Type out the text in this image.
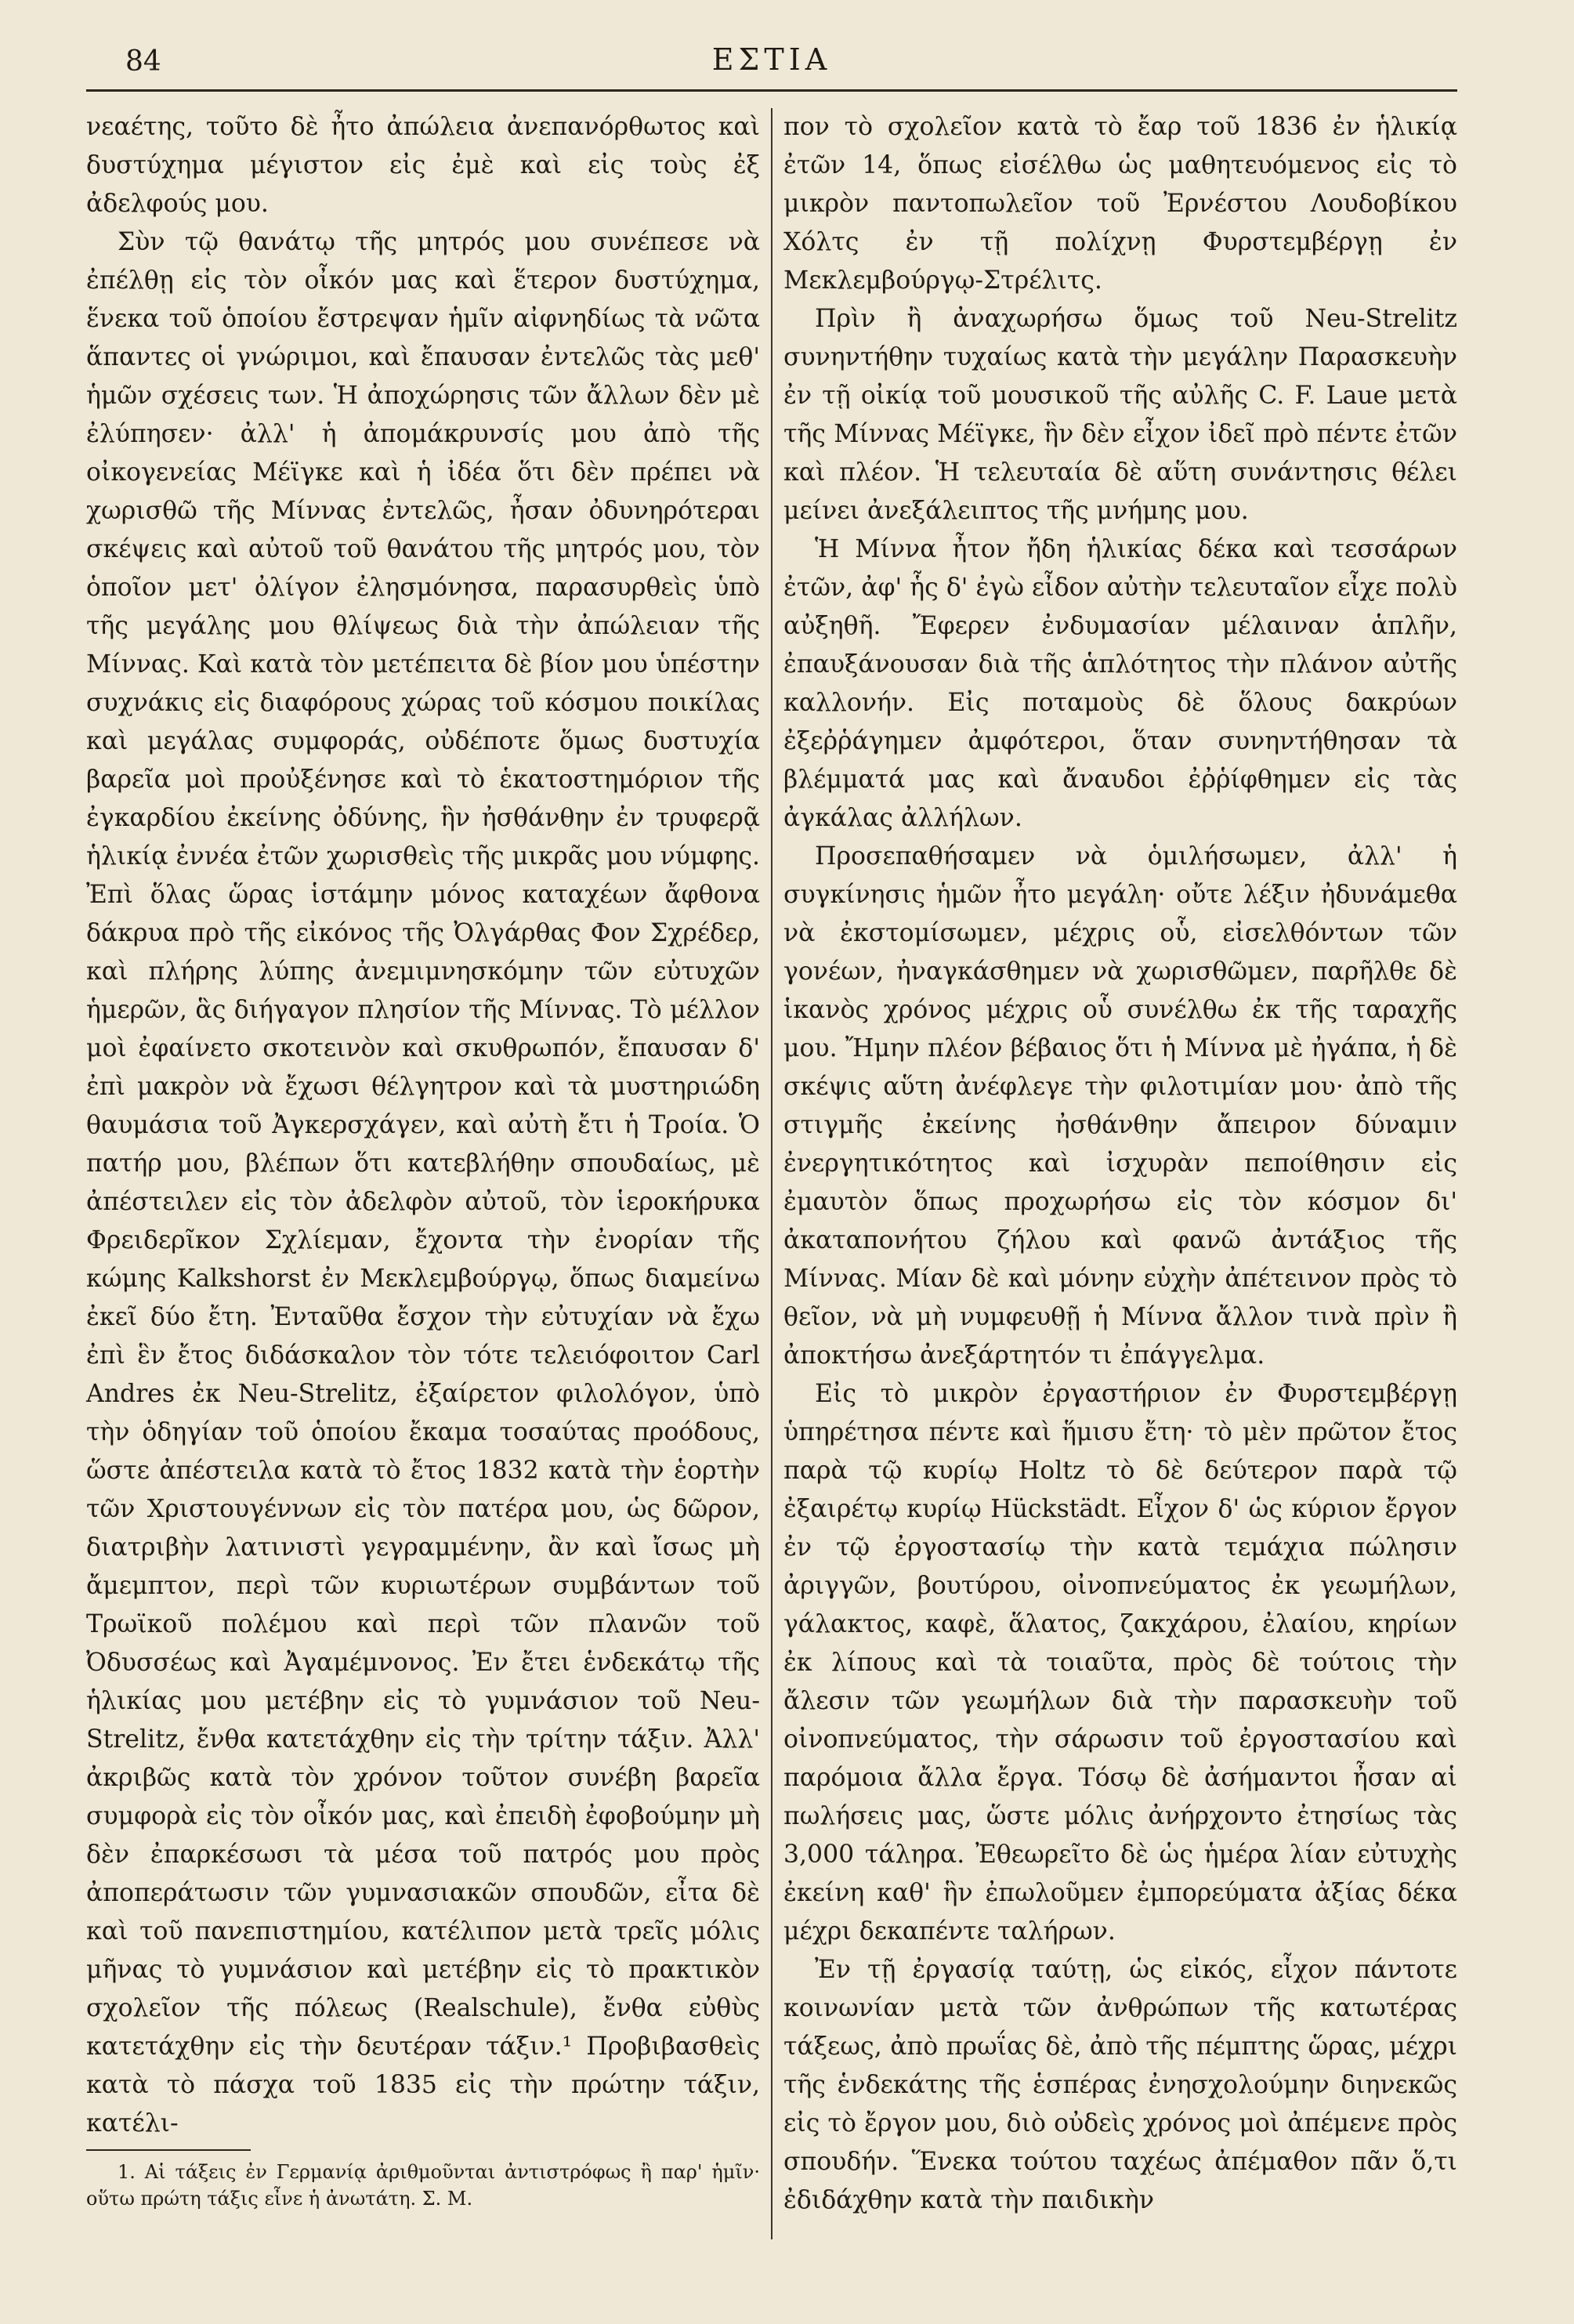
84	ΕΣΤΙΑ

νεαέτης, τοῦτο δὲ ἦτο ἀπώλεια ἀνεπανόρθωτος καὶ δυστύχημα μέγιστον εἰς ἐμὲ καὶ εἰς τοὺς ἐξ ἀδελφούς μου.

Σὺν τῷ θανάτῳ τῆς μητρός μου συνέπεσε νὰ ἐπέλθῃ εἰς τὸν οἶκόν μας καὶ ἕτερον δυστύχημα, ἕνεκα τοῦ ὁποίου ἔστρεψαν ἡμῖν αἰφνηδίως τὰ νῶτα ἅπαντες οἱ γνώριμοι, καὶ ἔπαυσαν ἐντελῶς τὰς μεθ' ἡμῶν σχέσεις των. Ἡ ἀποχώρησις τῶν ἄλλων δὲν μὲ ἐλύπησεν· ἀλλ' ἡ ἀπομάκρυνσίς μου ἀπὸ τῆς οἰκογενείας Μέϊγκε καὶ ἡ ἰδέα ὅτι δὲν πρέπει νὰ χωρισθῶ τῆς Μίννας ἐντελῶς, ἦσαν ὀδυνηρότεραι σκέψεις καὶ αὐτοῦ τοῦ θανάτου τῆς μητρός μου, τὸν ὁποῖον μετ' ὀλίγον ἐλησμόνησα, παρασυρθεὶς ὑπὸ τῆς μεγάλης μου θλίψεως διὰ τὴν ἀπώλειαν τῆς Μίννας. Καὶ κατὰ τὸν μετέπειτα δὲ βίον μου ὑπέστην συχνάκις εἰς διαφόρους χώρας τοῦ κόσμου ποικίλας καὶ μεγάλας συμφοράς, οὐδέποτε ὅμως δυστυχία βαρεῖα μοὶ προὐξένησε καὶ τὸ ἑκατοστημόριον τῆς ἐγκαρδίου ἐκείνης ὀδύνης, ἣν ἠσθάνθην ἐν τρυφερᾷ ἡλικίᾳ ἐννέα ἐτῶν χωρισθεὶς τῆς μικρᾶς μου νύμφης. Ἐπὶ ὅλας ὥρας ἱστάμην μόνος καταχέων ἄφθονα δάκρυα πρὸ τῆς εἰκόνος τῆς Ὀλγάρθας Φον Σχρέδερ, καὶ πλήρης λύπης ἀνεμιμνησκόμην τῶν εὐτυχῶν ἡμερῶν, ἃς διήγαγον πλησίον τῆς Μίννας. Τὸ μέλλον μοὶ ἐφαίνετο σκοτεινὸν καὶ σκυθρωπόν, ἔπαυσαν δ' ἐπὶ μακρὸν νὰ ἔχωσι θέλγητρον καὶ τὰ μυστηριώδη θαυμάσια τοῦ Ἀγκερσχάγεν, καὶ αὐτὴ ἔτι ἡ Τροία. Ὁ πατήρ μου, βλέπων ὅτι κατεβλήθην σπουδαίως, μὲ ἀπέστειλεν εἰς τὸν ἀδελφὸν αὐτοῦ, τὸν ἱεροκήρυκα Φρειδερῖκον Σχλίεμαν, ἔχοντα τὴν ἐνορίαν τῆς κώμης Kalkshorst ἐν Μεκλεμβούργῳ, ὅπως διαμείνω ἐκεῖ δύο ἔτη. Ἐνταῦθα ἔσχον τὴν εὐτυχίαν νὰ ἔχω ἐπὶ ἓν ἔτος διδάσκαλον τὸν τότε τελειόφοιτον Carl Andres ἐκ Neu-Strelitz, ἐξαίρετον φιλολόγον, ὑπὸ τὴν ὁδηγίαν τοῦ ὁποίου ἔκαμα τοσαύτας προόδους, ὥστε ἀπέστειλα κατὰ τὸ ἔτος 1832 κατὰ τὴν ἑορτὴν τῶν Χριστουγέννων εἰς τὸν πατέρα μου, ὡς δῶρον, διατριβὴν λατινιστὶ γεγραμμένην, ἂν καὶ ἴσως μὴ ἄμεμπτον, περὶ τῶν κυριωτέρων συμβάντων τοῦ Τρωϊκοῦ πολέμου καὶ περὶ τῶν πλανῶν τοῦ Ὀδυσσέως καὶ Ἀγαμέμνονος. Ἐν ἔτει ἑνδεκάτῳ τῆς ἡλικίας μου μετέβην εἰς τὸ γυμνάσιον τοῦ Neu-Strelitz, ἔνθα κατετάχθην εἰς τὴν τρίτην τάξιν. Ἀλλ' ἀκριβῶς κατὰ τὸν χρόνον τοῦτον συνέβη βαρεῖα συμφορὰ εἰς τὸν οἶκόν μας, καὶ ἐπειδὴ ἐφοβούμην μὴ δὲν ἐπαρκέσωσι τὰ μέσα τοῦ πατρός μου πρὸς ἀποπεράτωσιν τῶν γυμνασιακῶν σπουδῶν, εἶτα δὲ καὶ τοῦ πανεπιστημίου, κατέλιπον μετὰ τρεῖς μόλις μῆνας τὸ γυμνάσιον καὶ μετέβην εἰς τὸ πρακτικὸν σχολεῖον τῆς πόλεως (Realschule), ἔνθα εὐθὺς κατετάχθην εἰς τὴν δευτέραν τάξιν.¹ Προβιβασθεὶς κατὰ τὸ πάσχα τοῦ 1835 εἰς τὴν πρώτην τάξιν, κατέλι-

1. Αἱ τάξεις ἐν Γερμανίᾳ ἀριθμοῦνται ἀντιστρόφως ἢ παρ' ἡμῖν· οὕτω πρώτη τάξις εἶνε ἡ ἀνωτάτη. Σ. Μ.

πον τὸ σχολεῖον κατὰ τὸ ἔαρ τοῦ 1836 ἐν ἡλικίᾳ ἐτῶν 14, ὅπως εἰσέλθω ὡς μαθητευόμενος εἰς τὸ μικρὸν παντοπωλεῖον τοῦ Ἐρνέστου Λουδοβίκου Χόλτς ἐν τῇ πολίχνῃ Φυρστεμβέργῃ ἐν Μεκλεμβούργῳ-Στρέλιτς.

Πρὶν ἢ ἀναχωρήσω ὅμως τοῦ Neu-Strelitz συνηντήθην τυχαίως κατὰ τὴν μεγάλην Παρασκευὴν ἐν τῇ οἰκίᾳ τοῦ μουσικοῦ τῆς αὐλῆς C. F. Laue μετὰ τῆς Μίννας Μέϊγκε, ἣν δὲν εἶχον ἰδεῖ πρὸ πέντε ἐτῶν καὶ πλέον. Ἡ τελευταία δὲ αὕτη συνάντησις θέλει μείνει ἀνεξάλειπτος τῆς μνήμης μου.

Ἡ Μίννα ἦτον ἤδη ἡλικίας δέκα καὶ τεσσάρων ἐτῶν, ἀφ' ἧς δ' ἐγὼ εἶδον αὐτὴν τελευταῖον εἶχε πολὺ αὐξηθῆ. Ἔφερεν ἐνδυμασίαν μέλαιναν ἁπλῆν, ἐπαυξάνουσαν διὰ τῆς ἁπλότητος τὴν πλάνον αὐτῆς καλλονήν. Εἰς ποταμοὺς δὲ ὅλους δακρύων ἐξεῤῥάγημεν ἀμφότεροι, ὅταν συνηντήθησαν τὰ βλέμματά μας καὶ ἄναυδοι ἐῤῥίφθημεν εἰς τὰς ἀγκάλας ἀλλήλων.

Προσεπαθήσαμεν νὰ ὁμιλήσωμεν, ἀλλ' ἡ συγκίνησις ἡμῶν ἦτο μεγάλη· οὔτε λέξιν ἠδυνάμεθα νὰ ἐκστομίσωμεν, μέχρις οὗ, εἰσελθόντων τῶν γονέων, ἠναγκάσθημεν νὰ χωρισθῶμεν, παρῆλθε δὲ ἱκανὸς χρόνος μέχρις οὗ συνέλθω ἐκ τῆς ταραχῆς μου. Ἤμην πλέον βέβαιος ὅτι ἡ Μίννα μὲ ἠγάπα, ἡ δὲ σκέψις αὕτη ἀνέφλεγε τὴν φιλοτιμίαν μου· ἀπὸ τῆς στιγμῆς ἐκείνης ἠσθάνθην ἄπειρον δύναμιν ἐνεργητικότητος καὶ ἰσχυρὰν πεποίθησιν εἰς ἐμαυτὸν ὅπως προχωρήσω εἰς τὸν κόσμον δι' ἀκαταπονήτου ζήλου καὶ φανῶ ἀντάξιος τῆς Μίννας. Μίαν δὲ καὶ μόνην εὐχὴν ἀπέτεινον πρὸς τὸ θεῖον, νὰ μὴ νυμφευθῇ ἡ Μίννα ἄλλον τινὰ πρὶν ἢ ἀποκτήσω ἀνεξάρτητόν τι ἐπάγγελμα.

Εἰς τὸ μικρὸν ἐργαστήριον ἐν Φυρστεμβέργῃ ὑπηρέτησα πέντε καὶ ἥμισυ ἔτη· τὸ μὲν πρῶτον ἔτος παρὰ τῷ κυρίῳ Holtz τὸ δὲ δεύτερον παρὰ τῷ ἐξαιρέτῳ κυρίῳ Hückstädt. Εἶχον δ' ὡς κύριον ἔργον ἐν τῷ ἐργοστασίῳ τὴν κατὰ τεμάχια πώλησιν ἀριγγῶν, βουτύρου, οἰνοπνεύματος ἐκ γεωμήλων, γάλακτος, καφὲ, ἅλατος, ζακχάρου, ἐλαίου, κηρίων ἐκ λίπους καὶ τὰ τοιαῦτα, πρὸς δὲ τούτοις τὴν ἄλεσιν τῶν γεωμήλων διὰ τὴν παρασκευὴν τοῦ οἰνοπνεύματος, τὴν σάρωσιν τοῦ ἐργοστασίου καὶ παρόμοια ἄλλα ἔργα. Τόσῳ δὲ ἀσήμαντοι ἦσαν αἱ πωλήσεις μας, ὥστε μόλις ἀνήρχοντο ἐτησίως τὰς 3,000 τάληρα. Ἐθεωρεῖτο δὲ ὡς ἡμέρα λίαν εὐτυχὴς ἐκείνη καθ' ἣν ἐπωλοῦμεν ἐμπορεύματα ἀξίας δέκα μέχρι δεκαπέντε ταλήρων.

Ἐν τῇ ἐργασίᾳ ταύτῃ, ὡς εἰκός, εἶχον πάντοτε κοινωνίαν μετὰ τῶν ἀνθρώπων τῆς κατωτέρας τάξεως, ἀπὸ πρωΐας δὲ, ἀπὸ τῆς πέμπτης ὥρας, μέχρι τῆς ἑνδεκάτης τῆς ἑσπέρας ἐνησχολούμην διηνεκῶς εἰς τὸ ἔργον μου, διὸ οὐδεὶς χρόνος μοὶ ἀπέμενε πρὸς σπουδήν. Ἕνεκα τούτου ταχέως ἀπέμαθον πᾶν ὅ,τι ἐδιδάχθην κατὰ τὴν παιδικὴν
